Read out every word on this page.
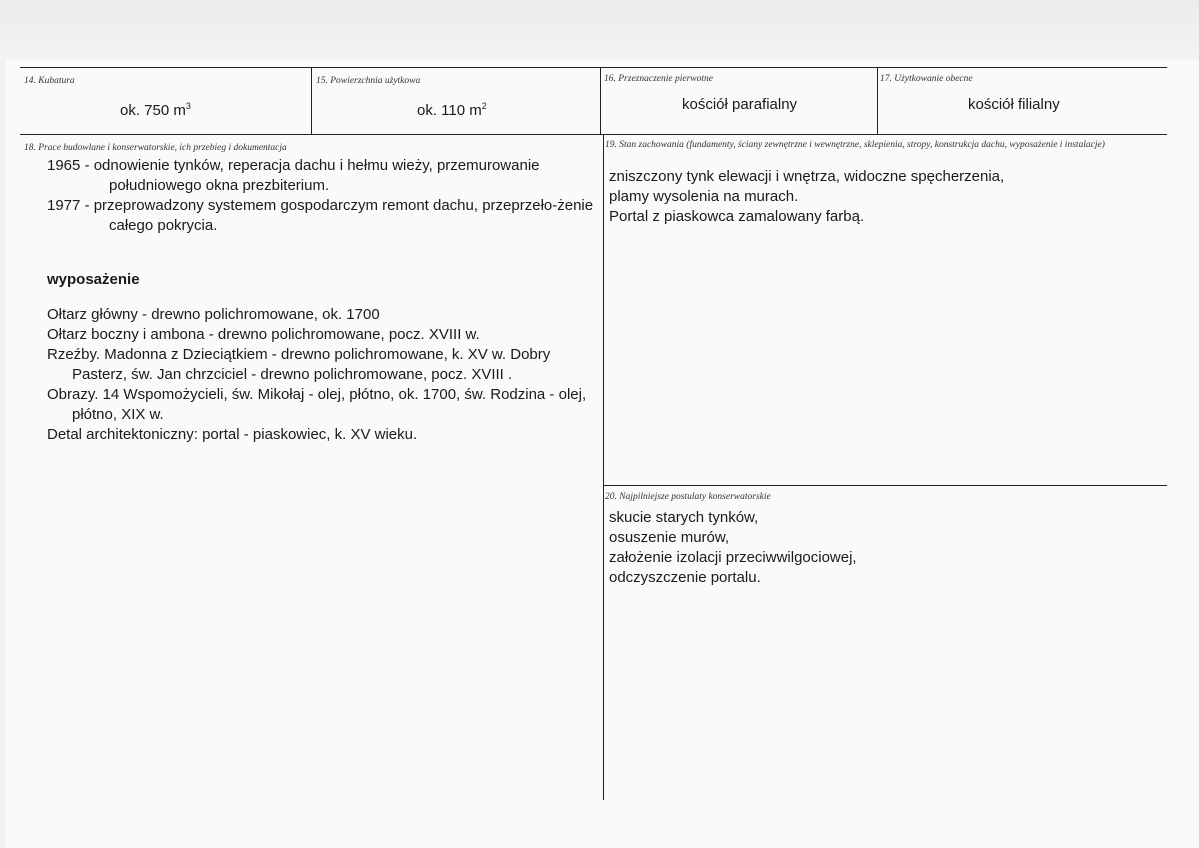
14. Kubatura
ok. 750 $m^3$
15. Powierzchnia użytkowa
ok. 110 $m^2$
16. Przeznaczenie pierwotne
kościół parafialny
17. Użytkowanie obecne
kościół filialny
18. Prace budowlane i konserwatorskie, ich przebieg i dokumentacja

1965 - odnowienie tynków, reperacja dachu i hełmu wieży, przemurowanie południowego okna prezbiterium.

1977 - przeprowadzony systemem gospodarczym remont dachu, przeprzeło-żenie całego pokrycia.

wyposażenie

Ołtarz główny - drewno polichromowane, ok. 1700

Ołtarz boczny i ambona - drewno polichromowane, pocz. XVIII w.

Rzeźby. Madonna z Dzieciątkiem - drewno polichromowane, k. XV w. Dobry Pasterz, św. Jan chrzciciel - drewno polichromowane, pocz. XVIII .

Obrazy. 14 Wspomożycieli, św. Mikołaj - olej, płótno, ok. 1700, św. Rodzina - olej, płótno, XIX w.

Detal architektoniczny: portal - piaskowiec, k. XV wieku.

19. Stan zachowania (fundamenty, ściany zewnętrzne i wewnętrzne, sklepienia, stropy, konstrukcja dachu, wyposażenie i instalacje)

zniszczony tynk elewacji i wnętrza, widoczne spęcherzenia,

plamy wysolenia na murach.

Portal z piaskowca zamalowany farbą.

20. Najpilniejsze postulaty konserwatorskie

skucie starych tynków,

osuszenie murów,

założenie izolacji przeciwwilgociowej,

odczyszczenie portalu.
